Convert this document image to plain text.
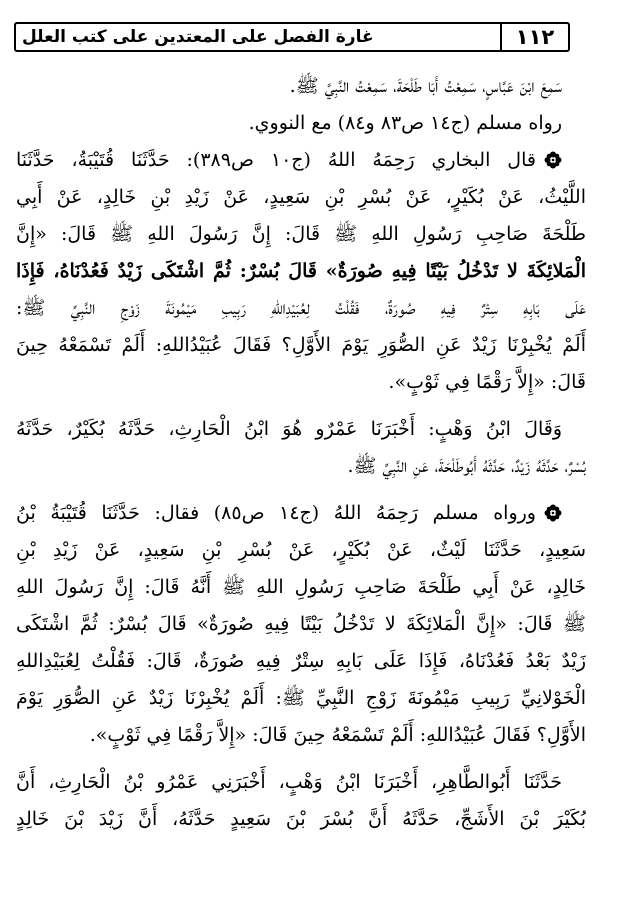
١١٢
غارة الفصل على المعتدين على كتب العلل
سَمِعَ ابْنَ عَبَّاسٍ، سَمِعْتُ أَبَا طَلْحَةَ، سَمِعْتُ النَّبِيَّ ﷺ.
رواه مسلم (ج١٤ ص٨٣ و٨٤) مع النووي.
قال البخاري رَحِمَهُ اللهُ (ج١٠ ص٣٨٩): حَدَّثَنَا قُتَيْبَةُ، حَدَّثَنَا
اللَّيْثُ، عَنْ بُكَيْرٍ، عَنْ بُسْرِ بْنِ سَعِيدٍ، عَنْ زَيْدِ بْنِ خَالِدٍ، عَنْ أَبِي
طَلْحَةَ صَاحِبِ رَسُولِ اللهِ ﷺ قَالَ: إِنَّ رَسُولَ اللهِ ﷺ قَالَ: «إِنَّ
الْمَلائِكَةَ لا تَدْخُلُ بَيْتًا فِيهِ صُورَةٌ» قَالَ بُسْرٌ: ثُمَّ اشْتَكَى زَيْدٌ فَعُدْنَاهُ، فَإِذَا
عَلَى بَابِهِ سِتْرٌ فِيهِ صُورَةٌ، فَقُلْتُ لِعُبَيْدِاللهِ رَبِيبِ مَيْمُونَةَ زَوْجِ النَّبِيِّ ﷺ:
أَلَمْ يُخْبِرْنَا زَيْدٌ عَنِ الصُّوَرِ يَوْمَ الأَوَّلِ؟ فَقَالَ عُبَيْدُاللهِ: أَلَمْ تَسْمَعْهُ حِينَ
قَالَ: «إِلاَّ رَقْمًا فِي ثَوْبٍ».
وَقَالَ ابْنُ وَهْبٍ: أَخْبَرَنَا عَمْرٌو هُوَ ابْنُ الْحَارِثِ، حَدَّثَهُ بُكَيْرٌ، حَدَّثَهُ
بُسْرٌ، حَدَّثَهُ زَيْدٌ، حَدَّثَهُ أَبُوطَلْحَةَ، عَنِ النَّبِيِّ ﷺ.
ورواه مسلم رَحِمَهُ اللهُ (ج١٤ ص٨٥) فقال: حَدَّثَنَا قُتَيْبَةُ بْنُ
سَعِيدٍ، حَدَّثَنَا لَيْثٌ، عَنْ بُكَيْرٍ، عَنْ بُسْرِ بْنِ سَعِيدٍ، عَنْ زَيْدِ بْنِ
خَالِدٍ، عَنْ أَبِي طَلْحَةَ صَاحِبِ رَسُولِ اللهِ ﷺ أَنَّهُ قَالَ: إِنَّ رَسُولَ اللهِ
ﷺ قَالَ: «إِنَّ الْمَلائِكَةَ لا تَدْخُلُ بَيْتًا فِيهِ صُورَةٌ» قَالَ بُسْرٌ: ثُمَّ اشْتَكَى
زَيْدٌ بَعْدُ فَعُدْنَاهُ، فَإِذَا عَلَى بَابِهِ سِتْرٌ فِيهِ صُورَةٌ، قَالَ: فَقُلْتُ لِعُبَيْدِاللهِ
الْخَوْلانِيِّ رَبِيبِ مَيْمُونَةَ زَوْجِ النَّبِيِّ ﷺ: أَلَمْ يُخْبِرْنَا زَيْدٌ عَنِ الصُّوَرِ يَوْمَ
الأَوَّلِ؟ فَقَالَ عُبَيْدُاللهِ: أَلَمْ تَسْمَعْهُ حِينَ قَالَ: «إِلاَّ رَقْمًا فِي ثَوْبٍ».
حَدَّثَنَا أَبُوالطَّاهِرِ، أَخْبَرَنَا ابْنُ وَهْبٍ، أَخْبَرَنِي عَمْرُو بْنُ الْحَارِثِ، أَنَّ
بُكَيْرَ بْنَ الأَشَجِّ، حَدَّثَهُ أَنَّ بُسْرَ بْنَ سَعِيدٍ حَدَّثَهُ، أَنَّ زَيْدَ بْنَ خَالِدٍ
